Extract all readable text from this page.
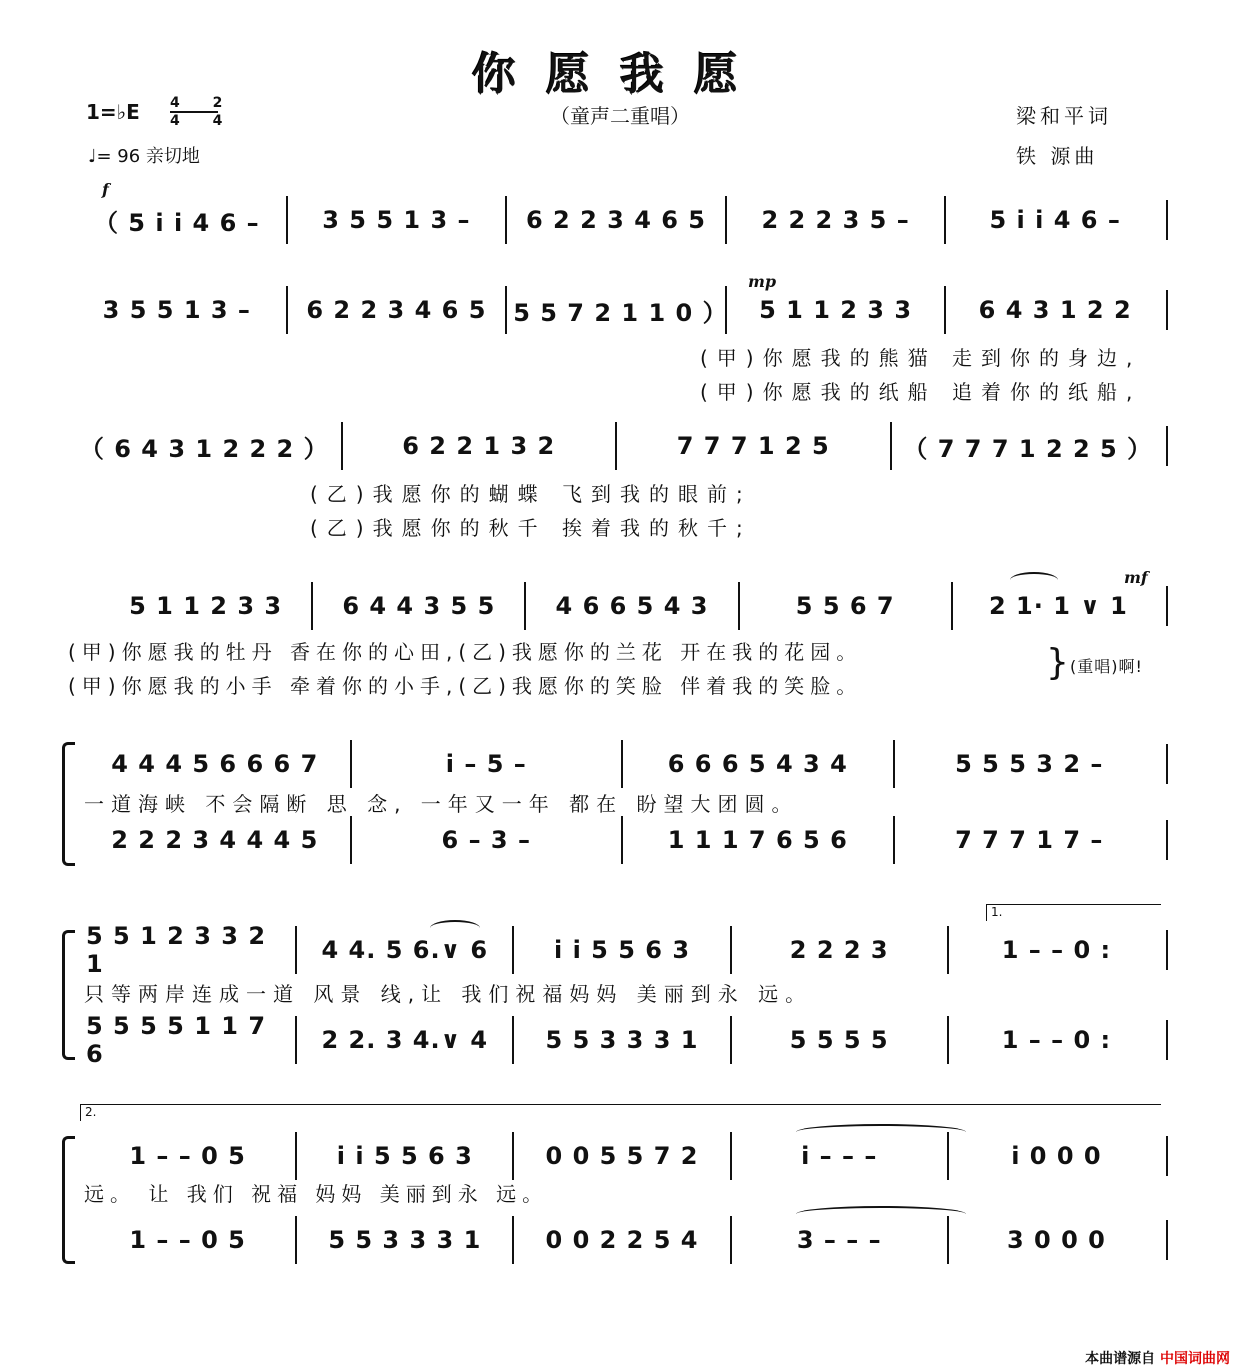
你愿我愿
（童声二重唱）
1=♭E 4 2
4 4
♩= 96 亲切地
梁和平词
铁 源曲
f
（ 5 i i 4 6 –	3 5 5 1 3 –	6 2 2 3 4 6 5	2 2 2 3 5 –	5 i i 4 6 –
mp
3 5 5 1 3 –	6 2 2 3 4 6 5	5 5 7 2 1 1 0 ）	5 1 1 2 3 3	6 4 3 1 2 2
(甲)你愿我的熊猫 走到你的身边,
(甲)你愿我的纸船 追着你的纸船,
（ 6 4 3 1 2 2 2 ）	6 2 2 1 3 2	7 7 7 1 2 5	（ 7 7 7 1 2 2 5 ）
(乙)我愿你的蝴蝶 飞到我的眼前;
(乙)我愿你的秋千 挨着我的秋千;
mf
5 1 1 2 3 3	6 4 4 3 5 5	4 6 6 5 4 3	5 5 6 7	2 1· 1 ∨ 1
(甲)你愿我的牡丹 香在你的心田,(乙)我愿你的兰花 开在我的花园。
(甲)你愿我的小手 牵着你的小手,(乙)我愿你的笑脸 伴着我的笑脸。
} (重唱)啊!
4 4 4 5 6 6 6 7	i – 5 –	6 6 6 5 4 3 4	5 5 5 3 2 –
一道海峡 不会隔断 思 念, 一年又一年 都在 盼望大团圆。
2 2 2 3 4 4 4 5	6 – 3 –	1 1 1 7 6 5 6	7 7 7 1 7 –
1.
5 5 1 2 3 3 2 1	4 4. 5 6.∨ 6	i i 5 5 6 3	2 2 2 3	1 – – 0 :
只等两岸连成一道 风景 线,让 我们祝福妈妈 美丽到永 远。
5 5 5 5 1 1 7 6	2 2. 3 4.∨ 4	5 5 3 3 3 1	5 5 5 5	1 – – 0 :
2.
1 – – 0 5	i i 5 5 6 3	0 0 5 5 7 2	i – – –	i 0 0 0
远。 让 我们 祝福 妈妈 美丽到永 远。
1 – – 0 5	5 5 3 3 3 1	0 0 2 2 5 4	3 – – –	3 0 0 0
本曲谱源自 中国词曲网
